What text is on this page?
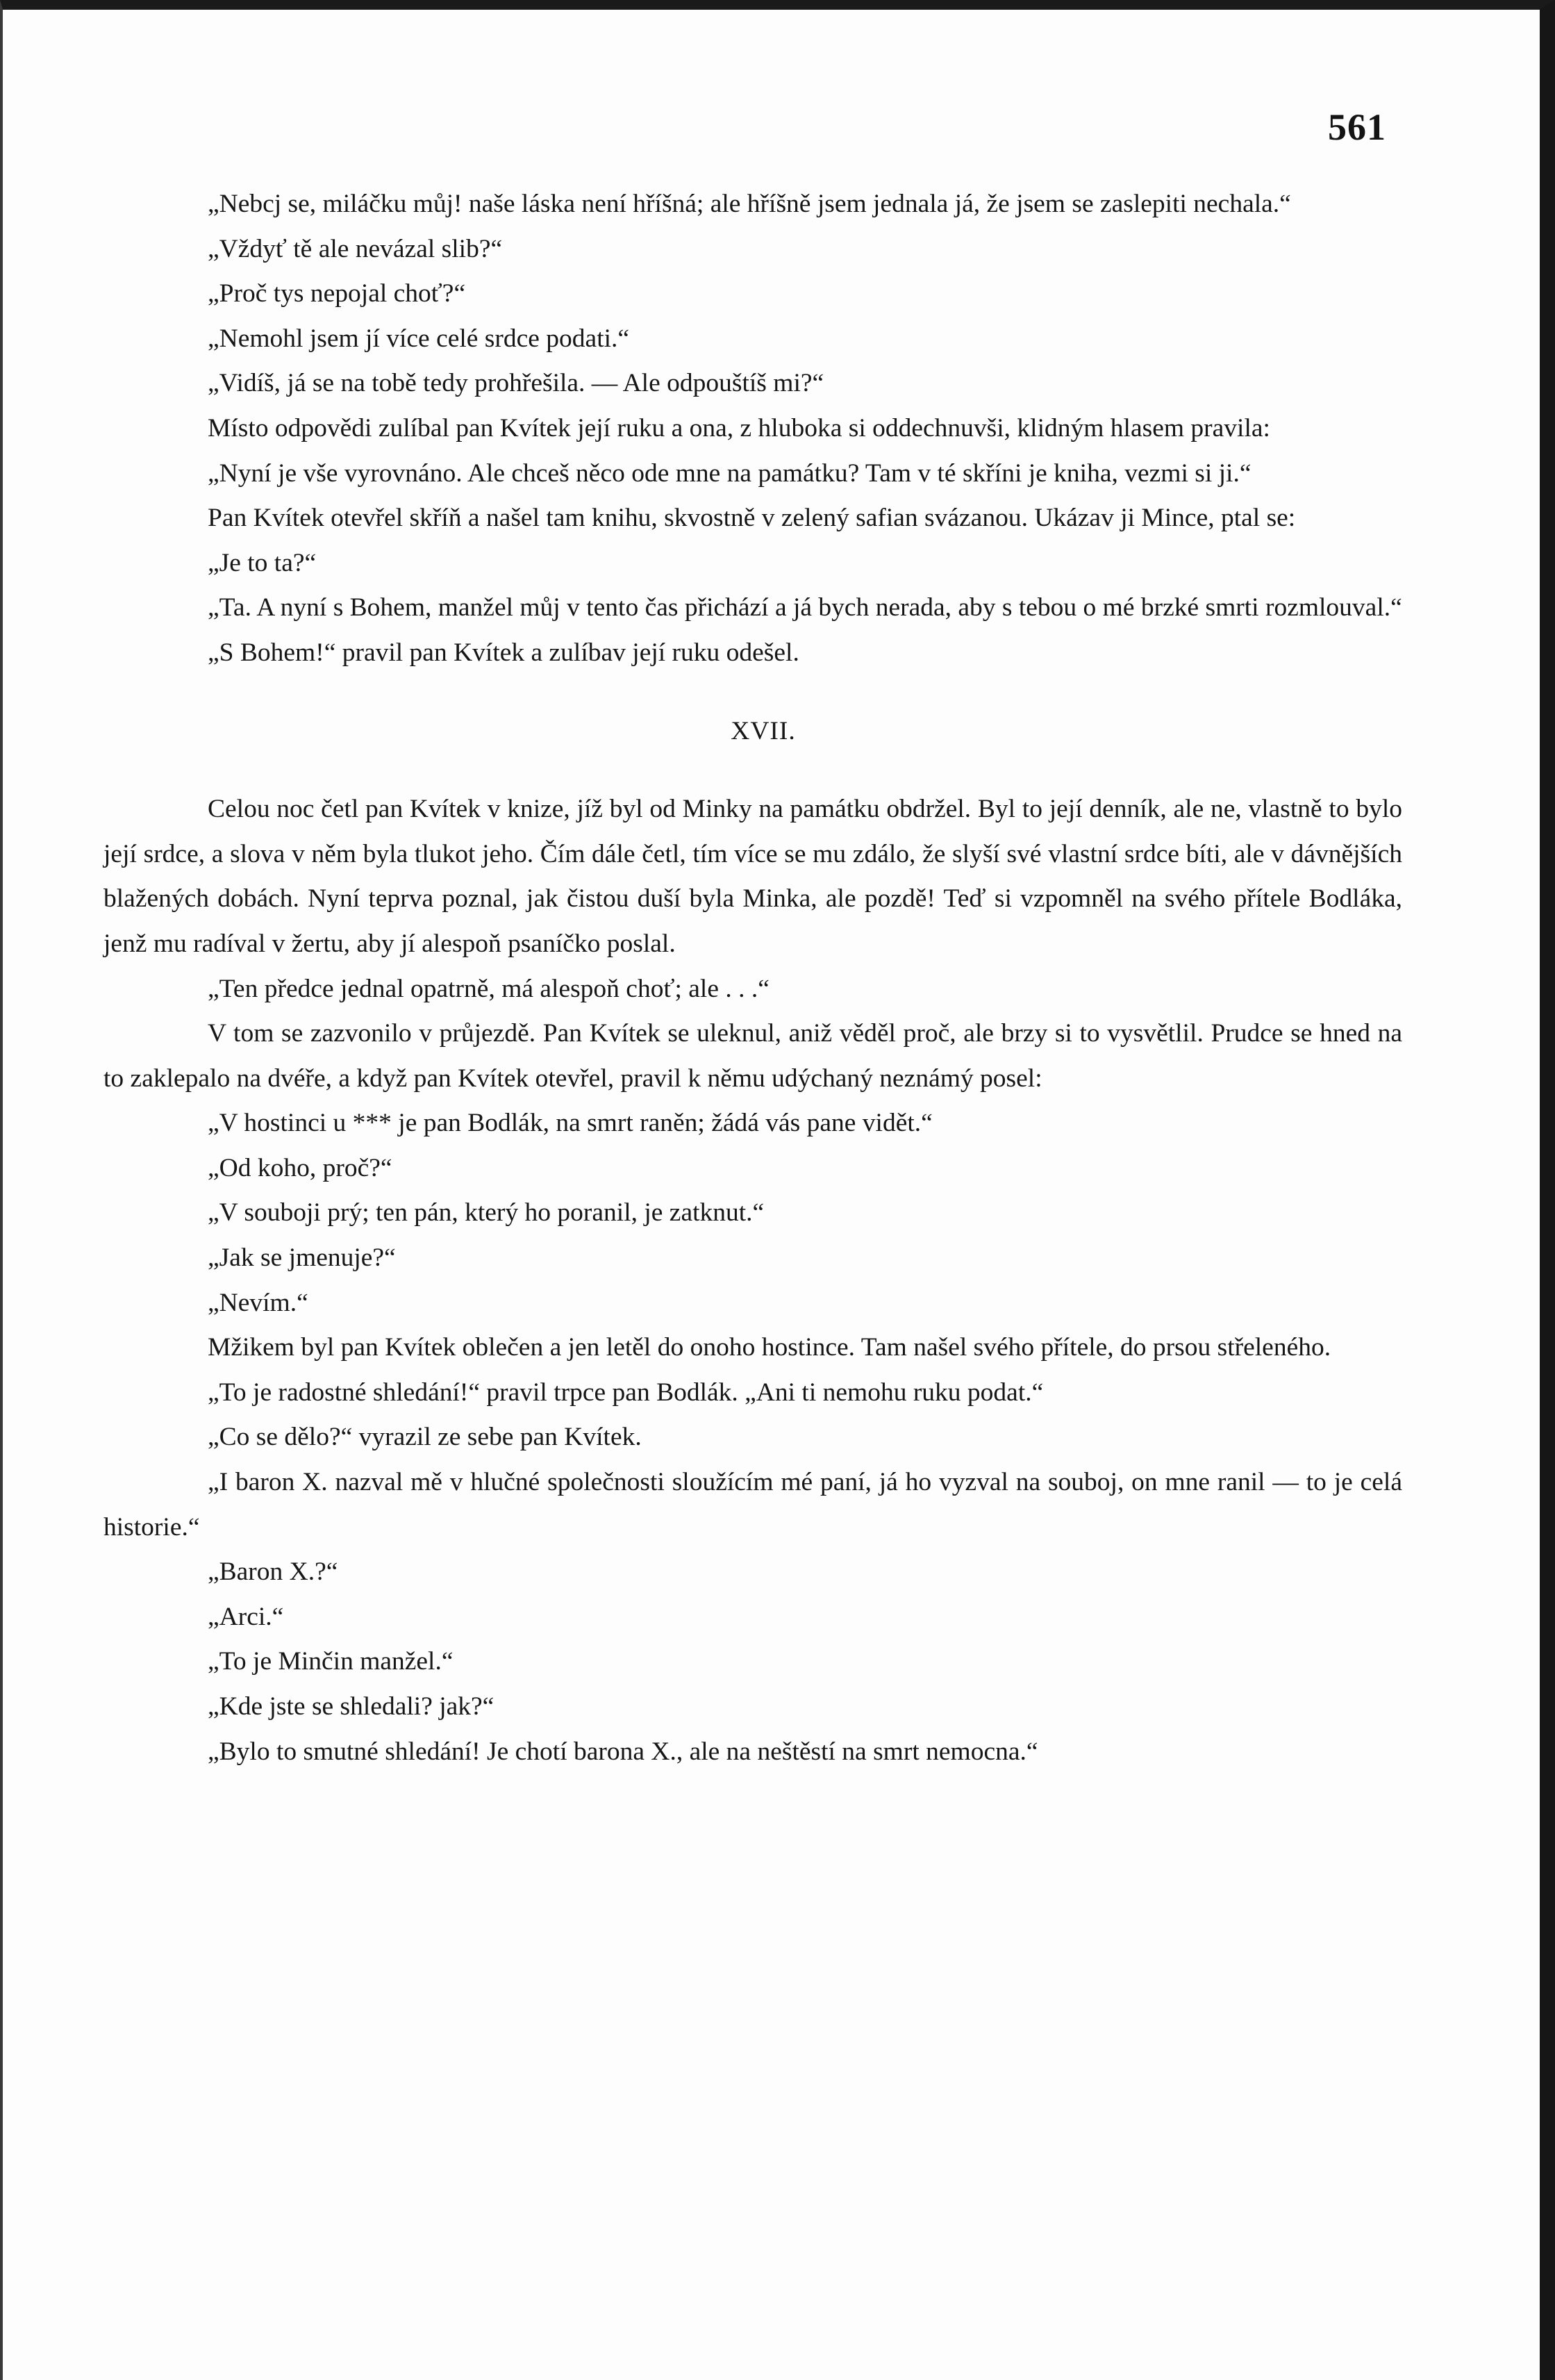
561

„Nebcj se, miláčku můj! naše láska není hříšná; ale hříšně jsem jednala já, že jsem se zaslepiti nechala.“

„Vždyť tě ale nevázal slib?“

„Proč tys nepojal choť?“

„Nemohl jsem jí více celé srdce podati.“

„Vidíš, já se na tobě tedy prohřešila. — Ale odpouštíš mi?“

Místo odpovědi zulíbal pan Kvítek její ruku a ona, z hluboka si oddechnuvši, klidným hlasem pravila:

„Nyní je vše vyrovnáno. Ale chceš něco ode mne na památku? Tam v té skříni je kniha, vezmi si ji.“

Pan Kvítek otevřel skříň a našel tam knihu, skvostně v zelený safian svázanou. Ukázav ji Mince, ptal se:

„Je to ta?“

„Ta. A nyní s Bohem, manžel můj v tento čas přichází a já bych nerada, aby s tebou o mé brzké smrti rozmlouval.“

„S Bohem!“ pravil pan Kvítek a zulíbav její ruku odešel.

XVII.

Celou noc četl pan Kvítek v knize, jíž byl od Minky na památku obdržel. Byl to její denník, ale ne, vlastně to bylo její srdce, a slova v něm byla tlukot jeho. Čím dále četl, tím více se mu zdálo, že slyší své vlastní srdce bíti, ale v dávnějších blažených dobách. Nyní teprva poznal, jak čistou duší byla Minka, ale pozdě! Teď si vzpomněl na svého přítele Bodláka, jenž mu radíval v žertu, aby jí alespoň psaníčko poslal.

„Ten předce jednal opatrně, má alespoň choť; ale . . .“

V tom se zazvonilo v průjezdě. Pan Kvítek se uleknul, aniž věděl proč, ale brzy si to vysvětlil. Prudce se hned na to zaklepalo na dvéře, a když pan Kvítek otevřel, pravil k němu udýchaný neznámý posel:

„V hostinci u *** je pan Bodlák, na smrt raněn; žádá vás pane vidět.“

„Od koho, proč?“

„V souboji prý; ten pán, který ho poranil, je zatknut.“

„Jak se jmenuje?“

„Nevím.“

Mžikem byl pan Kvítek oblečen a jen letěl do onoho hostince. Tam našel svého přítele, do prsou střeleného.

„To je radostné shledání!“ pravil trpce pan Bodlák. „Ani ti nemohu ruku podat.“

„Co se dělo?“ vyrazil ze sebe pan Kvítek.

„I baron X. nazval mě v hlučné společnosti sloužícím mé paní, já ho vyzval na souboj, on mne ranil — to je celá historie.“

„Baron X.?“

„Arci.“

„To je Minčin manžel.“

„Kde jste se shledali? jak?“

„Bylo to smutné shledání! Je chotí barona X., ale na neštěstí na smrt nemocna.“
